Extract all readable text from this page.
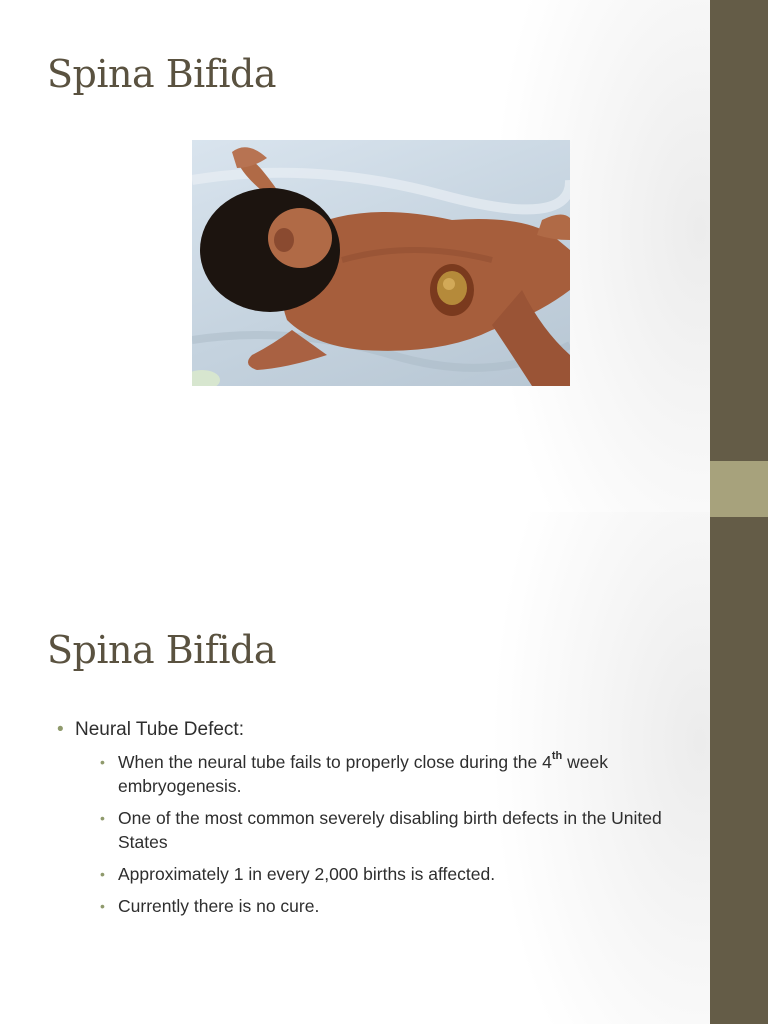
Spina Bifida
Spina Bifida
• Neural Tube Defect:
• When the neural tube fails to properly close during the 4th week embryogenesis.
• One of the most common severely disabling birth defects in the United States
• Approximately 1 in every 2,000 births is affected.
• Currently there is no cure.
